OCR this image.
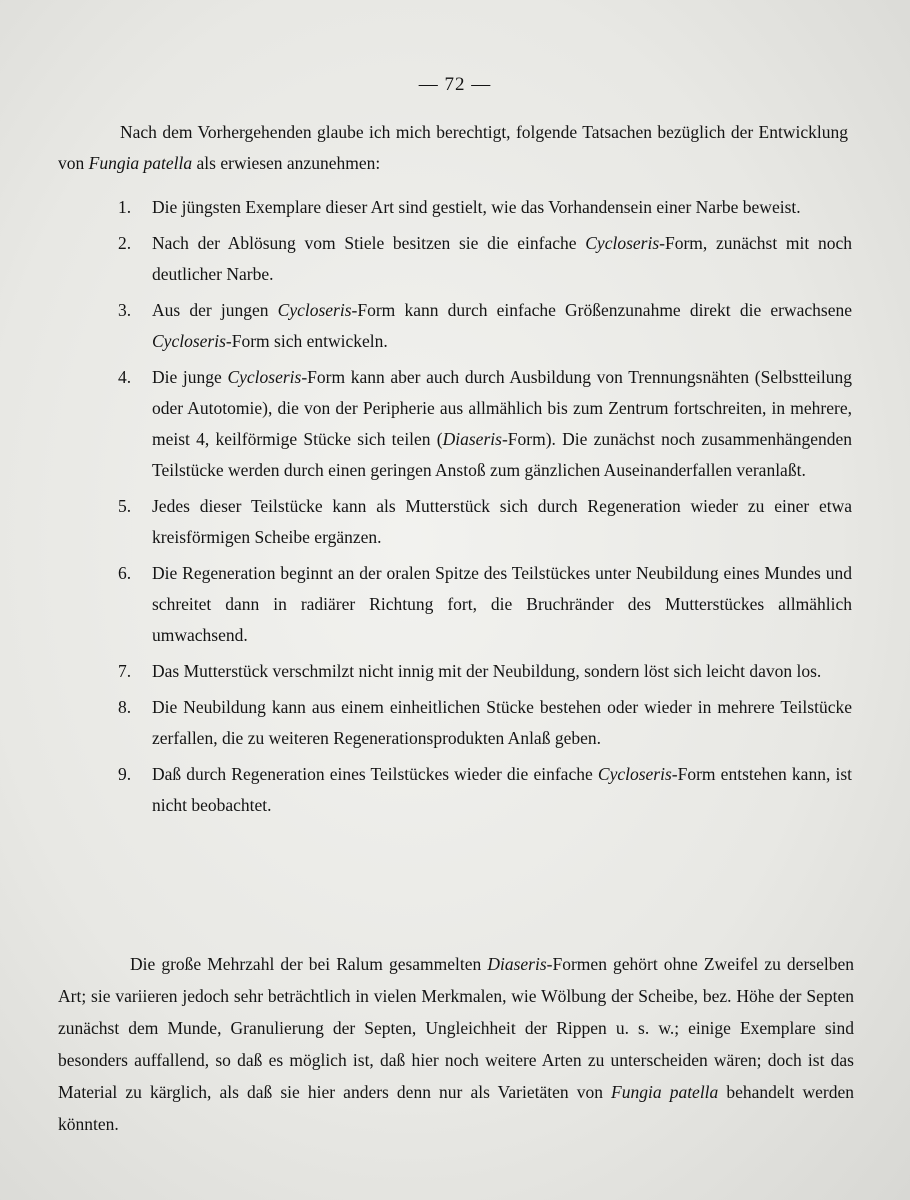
— 72 —

Nach dem Vorhergehenden glaube ich mich berechtigt, folgende Tatsachen bezüglich der Entwicklung von Fungia patella als erwiesen anzunehmen:

1. Die jüngsten Exemplare dieser Art sind gestielt, wie das Vorhandensein einer Narbe beweist.
2. Nach der Ablösung vom Stiele besitzen sie die einfache Cycloseris-Form, zunächst mit noch deutlicher Narbe.
3. Aus der jungen Cycloseris-Form kann durch einfache Größenzunahme direkt die erwachsene Cycloseris-Form sich entwickeln.
4. Die junge Cycloseris-Form kann aber auch durch Ausbildung von Trennungsnähten (Selbstteilung oder Autotomie), die von der Peripherie aus allmählich bis zum Zentrum fortschreiten, in mehrere, meist 4, keilförmige Stücke sich teilen (Diaseris-Form). Die zunächst noch zusammenhängenden Teilstücke werden durch einen geringen Anstoß zum gänzlichen Auseinanderfallen veranlaßt.
5. Jedes dieser Teilstücke kann als Mutterstück sich durch Regeneration wieder zu einer etwa kreisförmigen Scheibe ergänzen.
6. Die Regeneration beginnt an der oralen Spitze des Teilstückes unter Neubildung eines Mundes und schreitet dann in radiärer Richtung fort, die Bruchränder des Mutterstückes allmählich umwachsend.
7. Das Mutterstück verschmilzt nicht innig mit der Neubildung, sondern löst sich leicht davon los.
8. Die Neubildung kann aus einem einheitlichen Stücke bestehen oder wieder in mehrere Teilstücke zerfallen, die zu weiteren Regenerationsprodukten Anlaß geben.
9. Daß durch Regeneration eines Teilstückes wieder die einfache Cycloseris-Form entstehen kann, ist nicht beobachtet.

Die große Mehrzahl der bei Ralum gesammelten Diaseris-Formen gehört ohne Zweifel zu derselben Art; sie variieren jedoch sehr beträchtlich in vielen Merkmalen, wie Wölbung der Scheibe, bez. Höhe der Septen zunächst dem Munde, Granulierung der Septen, Ungleichheit der Rippen u. s. w.; einige Exemplare sind besonders auffallend, so daß es möglich ist, daß hier noch weitere Arten zu unterscheiden wären; doch ist das Material zu kärglich, als daß sie hier anders denn nur als Varietäten von Fungia patella behandelt werden könnten.
